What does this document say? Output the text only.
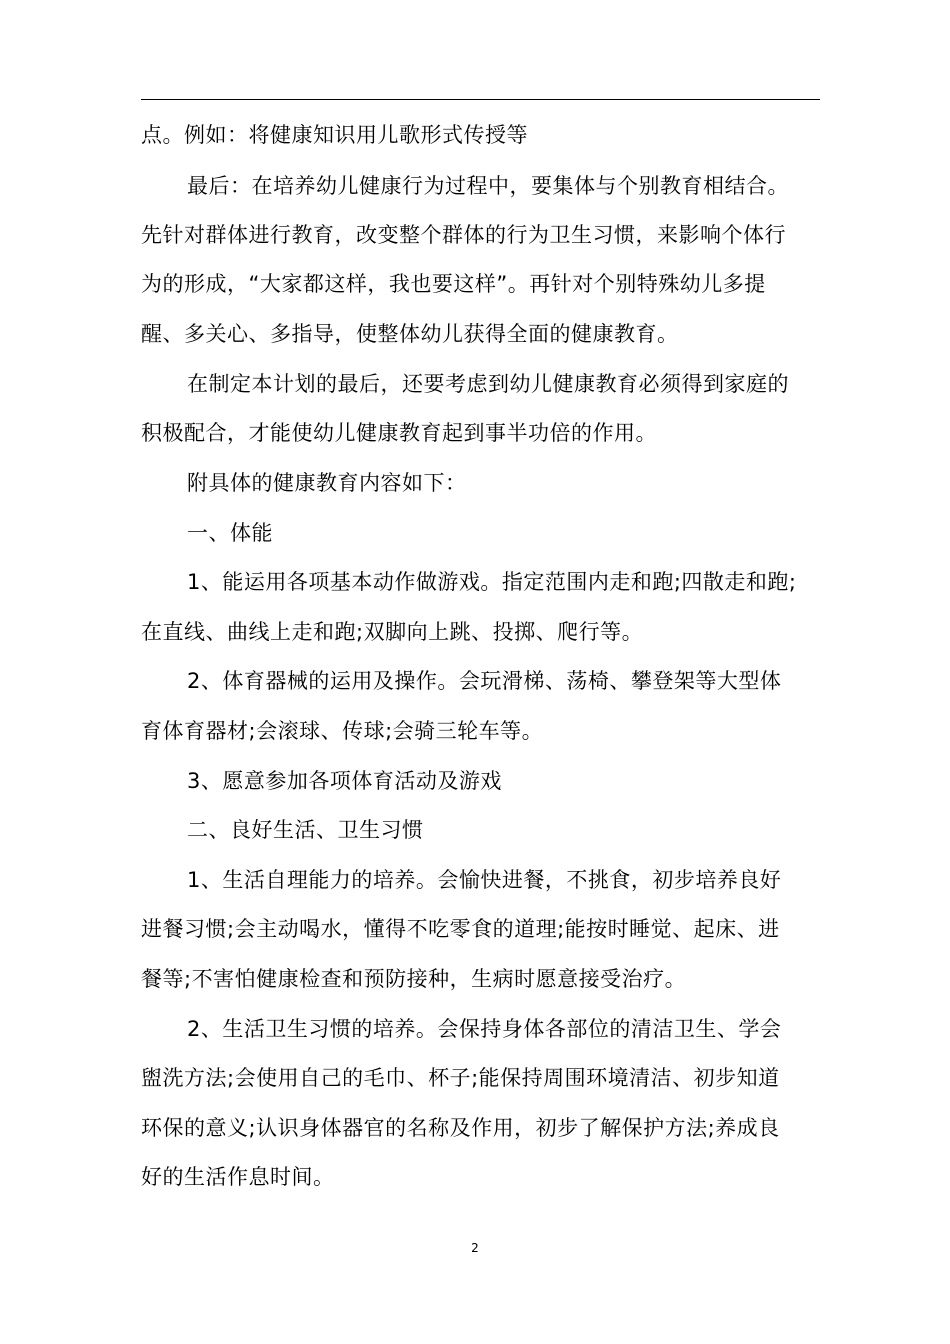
点。例如：将健康知识用儿歌形式传授等

最后：在培养幼儿健康行为过程中，要集体与个别教育相结合。

先针对群体进行教育，改变整个群体的行为卫生习惯，来影响个体行

为的形成，“大家都这样，我也要这样”。再针对个别特殊幼儿多提

醒、多关心、多指导，使整体幼儿获得全面的健康教育。

在制定本计划的最后，还要考虑到幼儿健康教育必须得到家庭的

积极配合，才能使幼儿健康教育起到事半功倍的作用。

附具体的健康教育内容如下：

一、体能

1、能运用各项基本动作做游戏。指定范围内走和跑;四散走和跑;

在直线、曲线上走和跑;双脚向上跳、投掷、爬行等。

2、体育器械的运用及操作。会玩滑梯、荡椅、攀登架等大型体

育体育器材;会滚球、传球;会骑三轮车等。

3、愿意参加各项体育活动及游戏

二、良好生活、卫生习惯

1、生活自理能力的培养。会愉快进餐，不挑食，初步培养良好

进餐习惯;会主动喝水，懂得不吃零食的道理;能按时睡觉、起床、进

餐等;不害怕健康检查和预防接种，生病时愿意接受治疗。

2、生活卫生习惯的培养。会保持身体各部位的清洁卫生、学会

盥洗方法;会使用自己的毛巾、杯子;能保持周围环境清洁、初步知道

环保的意义;认识身体器官的名称及作用，初步了解保护方法;养成良

好的生活作息时间。

2
